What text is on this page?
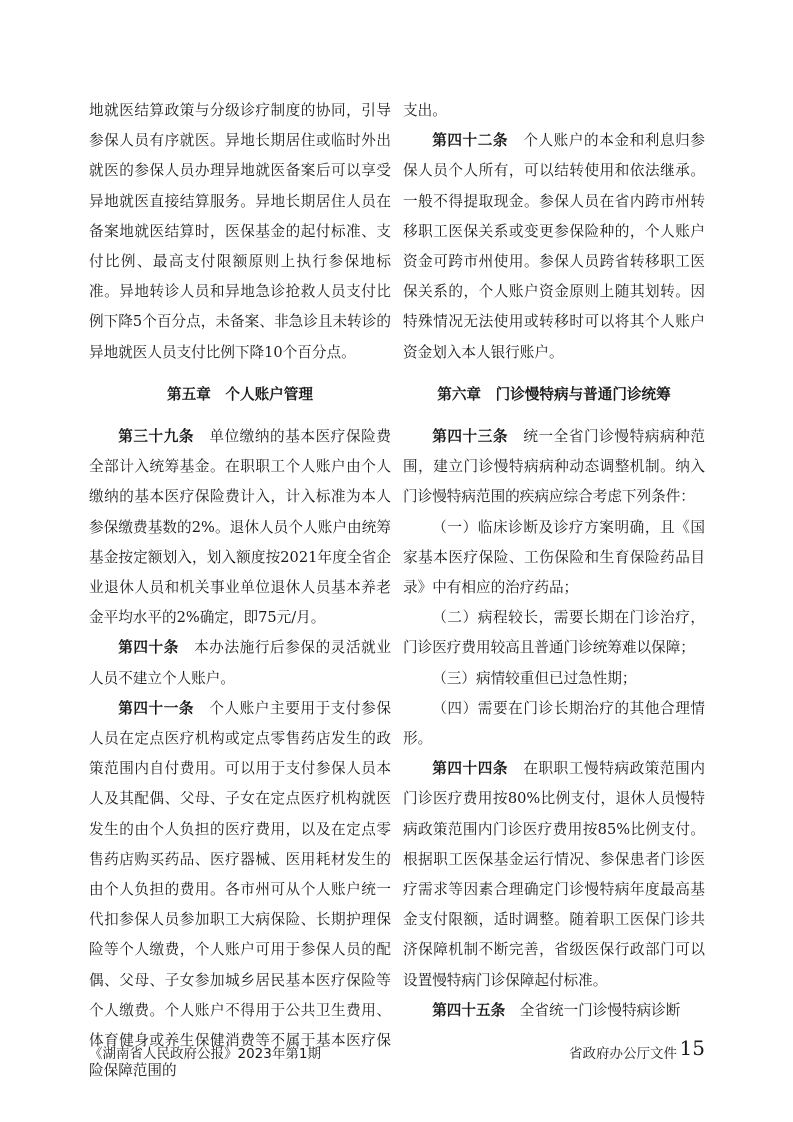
地就医结算政策与分级诊疗制度的协同，引导参保人员有序就医。异地长期居住或临时外出就医的参保人员办理异地就医备案后可以享受异地就医直接结算服务。异地长期居住人员在备案地就医结算时，医保基金的起付标准、支付比例、最高支付限额原则上执行参保地标准。异地转诊人员和异地急诊抢救人员支付比例下降5个百分点，未备案、非急诊且未转诊的异地就医人员支付比例下降10个百分点。

第五章　个人账户管理

第三十九条　 单位缴纳的基本医疗保险费全部计入统筹基金。在职职工个人账户由个人缴纳的基本医疗保险费计入，计入标准为本人参保缴费基数的2%。退休人员个人账户由统筹基金按定额划入，划入额度按2021年度全省企业退休人员和机关事业单位退休人员基本养老金平均水平的2%确定，即75元/月。

第四十条　 本办法施行后参保的灵活就业人员不建立个人账户。

第四十一条　 个人账户主要用于支付参保人员在定点医疗机构或定点零售药店发生的政策范围内自付费用。可以用于支付参保人员本人及其配偶、父母、子女在定点医疗机构就医发生的由个人负担的医疗费用，以及在定点零售药店购买药品、医疗器械、医用耗材发生的由个人负担的费用。各市州可从个人账户统一代扣参保人员参加职工大病保险、长期护理保险等个人缴费，个人账户可用于参保人员的配偶、父母、子女参加城乡居民基本医疗保险等个人缴费。个人账户不得用于公共卫生费用、体育健身或养生保健消费等不属于基本医疗保险保障范围的

支出。

第四十二条　 个人账户的本金和利息归参保人员个人所有，可以结转使用和依法继承。一般不得提取现金。参保人员在省内跨市州转移职工医保关系或变更参保险种的，个人账户资金可跨市州使用。参保人员跨省转移职工医保关系的，个人账户资金原则上随其划转。因特殊情况无法使用或转移时可以将其个人账户资金划入本人银行账户。

第六章　门诊慢特病与普通门诊统筹

第四十三条　 统一全省门诊慢特病病种范围，建立门诊慢特病病种动态调整机制。纳入门诊慢特病范围的疾病应综合考虑下列条件：

（一）临床诊断及诊疗方案明确，且《国家基本医疗保险、工伤保险和生育保险药品目录》中有相应的治疗药品；

（二）病程较长，需要长期在门诊治疗，门诊医疗费用较高且普通门诊统筹难以保障；

（三）病情较重但已过急性期；

（四）需要在门诊长期治疗的其他合理情形。

第四十四条　 在职职工慢特病政策范围内门诊医疗费用按80%比例支付，退休人员慢特病政策范围内门诊医疗费用按85%比例支付。根据职工医保基金运行情况、参保患者门诊医疗需求等因素合理确定门诊慢特病年度最高基金支付限额，适时调整。随着职工医保门诊共济保障机制不断完善，省级医保行政部门可以设置慢特病门诊保障起付标准。

第四十五条　 全省统一门诊慢特病诊断

《湖南省人民政府公报》2023年第1期	省政府办公厅文件 15
